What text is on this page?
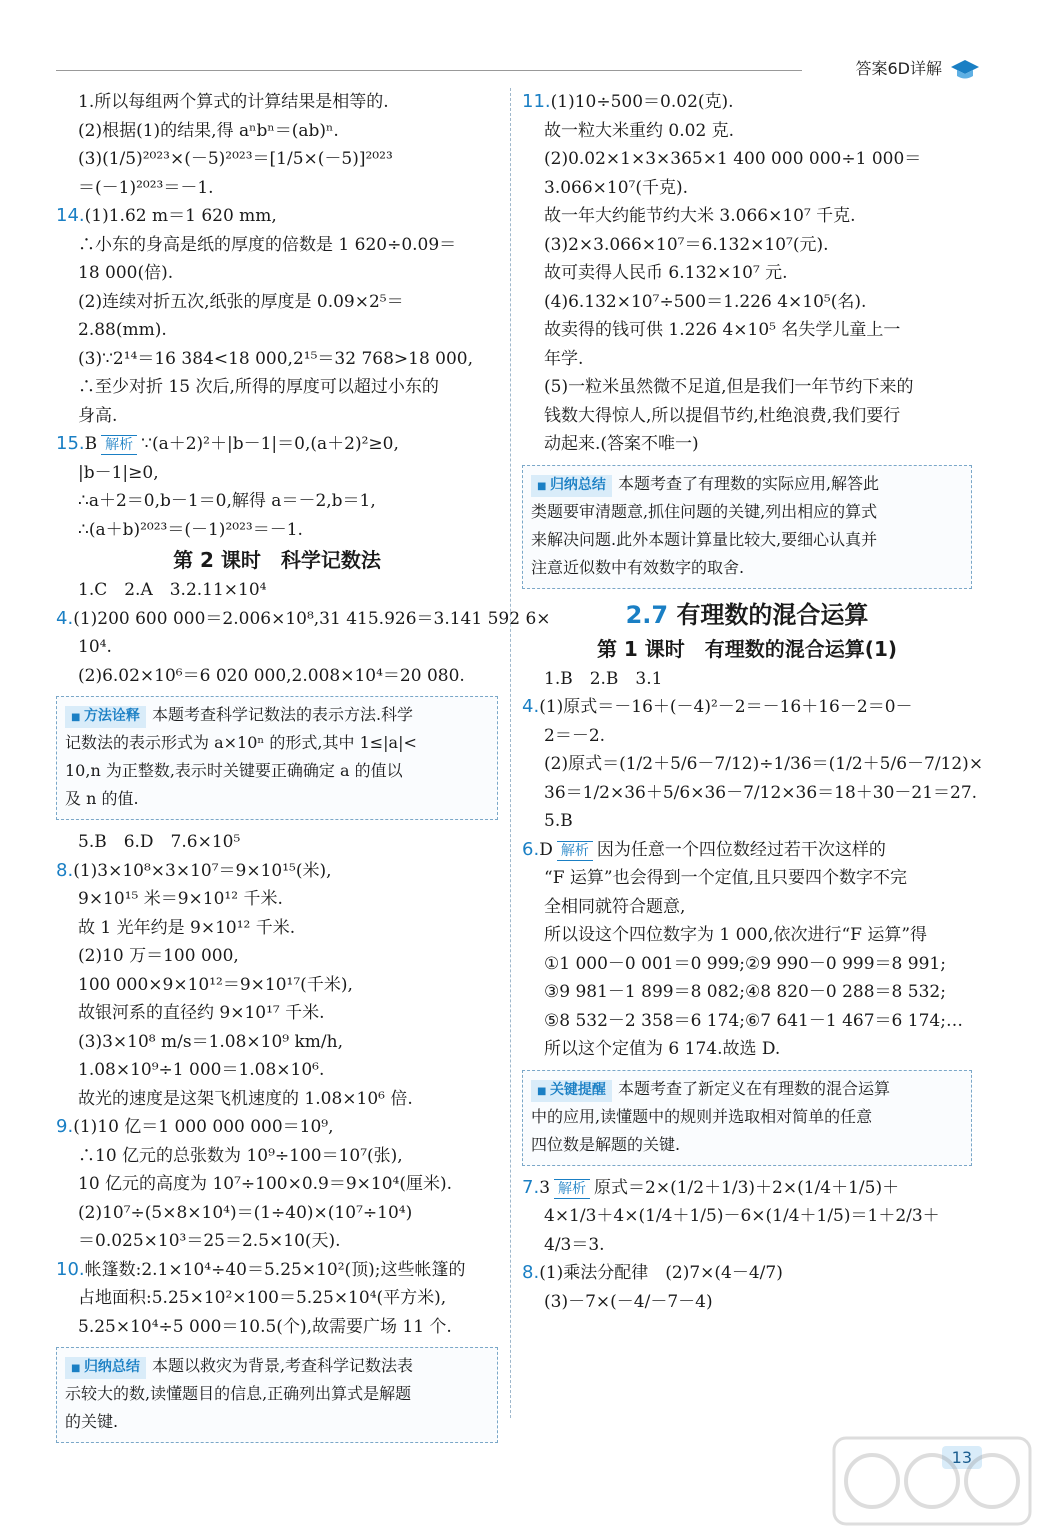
答案6D详解
1.所以每组两个算式的计算结果是相等的.
(2)根据(1)的结果,得 aⁿbⁿ＝(ab)ⁿ.
(3)(1/5)²⁰²³×(－5)²⁰²³＝[1/5×(－5)]²⁰²³
＝(－1)²⁰²³＝－1.
14.(1)1.62 m＝1 620 mm,
∴小东的身高是纸的厚度的倍数是 1 620÷0.09＝
18 000(倍).
(2)连续对折五次,纸张的厚度是 0.09×2⁵＝
2.88(mm).
(3)∵2¹⁴＝16 384<18 000,2¹⁵＝32 768>18 000,
∴至少对折 15 次后,所得的厚度可以超过小东的
身高.
15.B 解析 ∵(a＋2)²＋|b－1|＝0,(a＋2)²≥0,
|b－1|≥0,
∴a＋2＝0,b－1＝0,解得 a＝－2,b＝1,
∴(a＋b)²⁰²³＝(－1)²⁰²³＝－1.
第 2 课时　科学记数法
1.C　2.A　3.2.11×10⁴
4.(1)200 600 000＝2.006×10⁸,31 415.926＝3.141 592 6×
10⁴.
(2)6.02×10⁶＝6 020 000,2.008×10⁴＝20 080.
■ 方法诠释 本题考查科学记数法的表示方法.科学
记数法的表示形式为 a×10ⁿ 的形式,其中 1≤|a|<
10,n 为正整数,表示时关键要正确确定 a 的值以
及 n 的值.
5.B　6.D　7.6×10⁵
8.(1)3×10⁸×3×10⁷＝9×10¹⁵(米),
9×10¹⁵ 米＝9×10¹² 千米.
故 1 光年约是 9×10¹² 千米.
(2)10 万＝100 000,
100 000×9×10¹²＝9×10¹⁷(千米),
故银河系的直径约 9×10¹⁷ 千米.
(3)3×10⁸ m/s＝1.08×10⁹ km/h,
1.08×10⁹÷1 000＝1.08×10⁶.
故光的速度是这架飞机速度的 1.08×10⁶ 倍.
9.(1)10 亿＝1 000 000 000＝10⁹,
∴10 亿元的总张数为 10⁹÷100＝10⁷(张),
10 亿元的高度为 10⁷÷100×0.9＝9×10⁴(厘米).
(2)10⁷÷(5×8×10⁴)＝(1÷40)×(10⁷÷10⁴)
＝0.025×10³＝25＝2.5×10(天).
10.帐篷数:2.1×10⁴÷40＝5.25×10²(顶);这些帐篷的
占地面积:5.25×10²×100＝5.25×10⁴(平方米),
5.25×10⁴÷5 000＝10.5(个),故需要广场 11 个.
■ 归纳总结 本题以救灾为背景,考查科学记数法表
示较大的数,读懂题目的信息,正确列出算式是解题
的关键.
11.(1)10÷500＝0.02(克).
故一粒大米重约 0.02 克.
(2)0.02×1×3×365×1 400 000 000÷1 000＝
3.066×10⁷(千克).
故一年大约能节约大米 3.066×10⁷ 千克.
(3)2×3.066×10⁷＝6.132×10⁷(元).
故可卖得人民币 6.132×10⁷ 元.
(4)6.132×10⁷÷500＝1.226 4×10⁵(名).
故卖得的钱可供 1.226 4×10⁵ 名失学儿童上一
年学.
(5)一粒米虽然微不足道,但是我们一年节约下来的
钱数大得惊人,所以提倡节约,杜绝浪费,我们要行
动起来.(答案不唯一)
■ 归纳总结 本题考查了有理数的实际应用,解答此
类题要审清题意,抓住问题的关键,列出相应的算式
来解决问题.此外本题计算量比较大,要细心认真并
注意近似数中有效数字的取舍.
2.7 有理数的混合运算
第 1 课时　有理数的混合运算(1)
1.B　2.B　3.1
4.(1)原式＝－16＋(－4)²－2＝－16＋16－2＝0－
2＝－2.
(2)原式＝(1/2＋5/6－7/12)÷1/36＝(1/2＋5/6－7/12)×
36＝1/2×36＋5/6×36－7/12×36＝18＋30－21＝27.
5.B
6.D 解析 因为任意一个四位数经过若干次这样的
“F 运算”也会得到一个定值,且只要四个数字不完
全相同就符合题意,
所以设这个四位数字为 1 000,依次进行“F 运算”得
①1 000－0 001＝0 999;②9 990－0 999＝8 991;
③9 981－1 899＝8 082;④8 820－0 288＝8 532;
⑤8 532－2 358＝6 174;⑥7 641－1 467＝6 174;…
所以这个定值为 6 174.故选 D.
■ 关键提醒 本题考查了新定义在有理数的混合运算
中的应用,读懂题中的规则并选取相对简单的任意
四位数是解题的关键.
7.3 解析 原式＝2×(1/2＋1/3)＋2×(1/4＋1/5)＋
4×1/3＋4×(1/4＋1/5)－6×(1/4＋1/5)＝1＋2/3＋
4/3＝3.
8.(1)乘法分配律　(2)7×(4－4/7)
(3)－7×(－4/－7－4)
13
